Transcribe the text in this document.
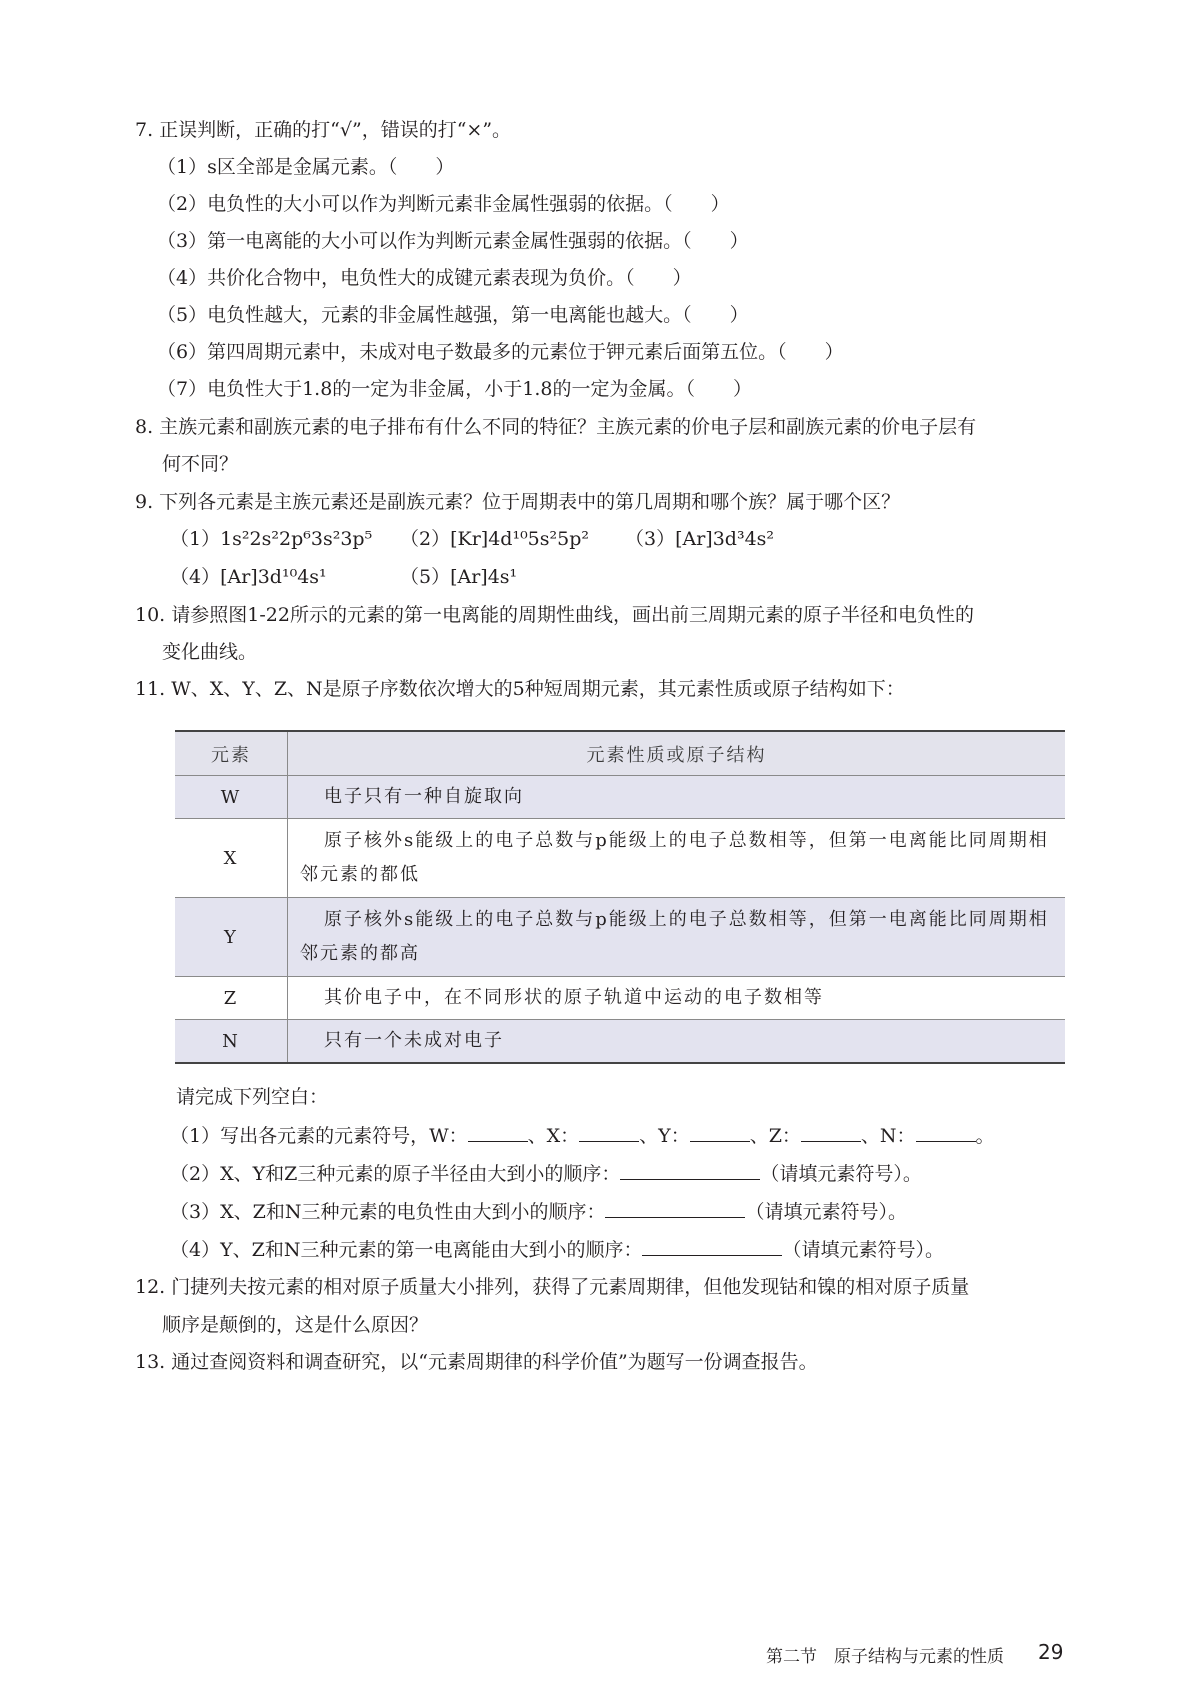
7. 正误判断，正确的打“√”，错误的打“×”。
（1）s区全部是金属元素。（　　）
（2）电负性的大小可以作为判断元素非金属性强弱的依据。（　　）
（3）第一电离能的大小可以作为判断元素金属性强弱的依据。（　　）
（4）共价化合物中，电负性大的成键元素表现为负价。（　　）
（5）电负性越大，元素的非金属性越强，第一电离能也越大。（　　）
（6）第四周期元素中，未成对电子数最多的元素位于钾元素后面第五位。（　　）
（7）电负性大于1.8的一定为非金属，小于1.8的一定为金属。（　　）
8. 主族元素和副族元素的电子排布有什么不同的特征？主族元素的价电子层和副族元素的价电子层有
何不同？
9. 下列各元素是主族元素还是副族元素？位于周期表中的第几周期和哪个族？属于哪个区？
（1）1s²2s²2p⁶3s²3p⁵ （2）[Kr]4d¹⁰5s²5p² （3）[Ar]3d³4s²
（4）[Ar]3d¹⁰4s¹	（5）[Ar]4s¹
10. 请参照图1-22所示的元素的第一电离能的周期性曲线，画出前三周期元素的原子半径和电负性的
变化曲线。
11. W、X、Y、Z、N是原子序数依次增大的5种短周期元素，其元素性质或原子结构如下：
元素	元素性质或原子结构
W	电子只有一种自旋取向

X	原子核外s能级上的电子总数与p能级上的电子总数相等，但第一电离能比同周期相邻元素的都低

Y	原子核外s能级上的电子总数与p能级上的电子总数相等，但第一电离能比同周期相邻元素的都高

Z	其价电子中，在不同形状的原子轨道中运动的电子数相等

N	只有一个未成对电子
请完成下列空白：
（1）写出各元素的元素符号，W：	、X：	、Y：	、Z：	、N：	。
（2）X、Y和Z三种元素的原子半径由大到小的顺序：	（请填元素符号）。
（3）X、Z和N三种元素的电负性由大到小的顺序：	（请填元素符号）。
（4）Y、Z和N三种元素的第一电离能由大到小的顺序：	（请填元素符号）。
12. 门捷列夫按元素的相对原子质量大小排列，获得了元素周期律，但他发现钴和镍的相对原子质量
顺序是颠倒的，这是什么原因？
13. 通过查阅资料和调查研究，以“元素周期律的科学价值”为题写一份调查报告。
第二节　原子结构与元素的性质 29
